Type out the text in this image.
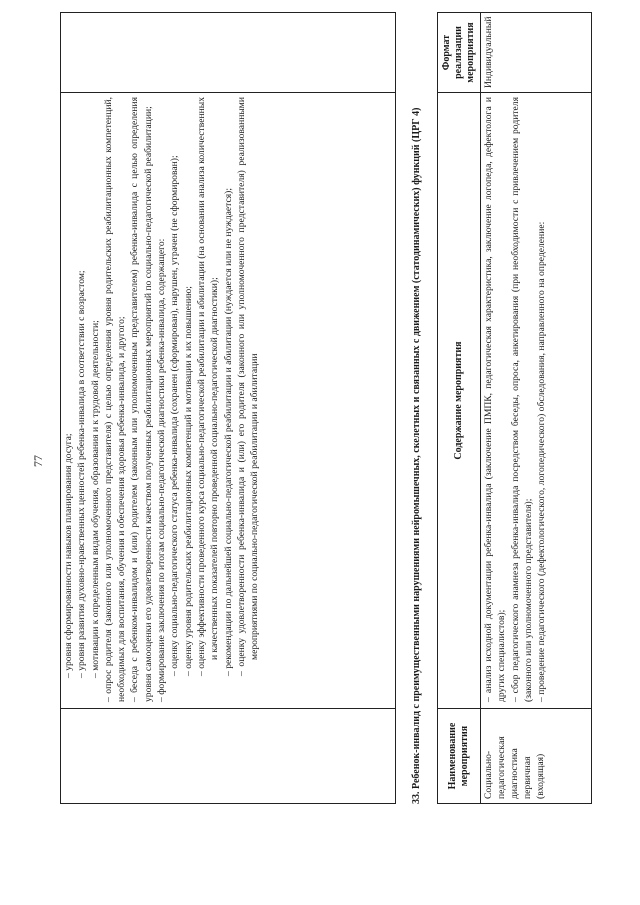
77
	– уровня сформированности навыков планирования досуга; – уровня развития духовно-нравственных ценностей ребенка-инвалида в соответствии с возрастом; – мотивации к определенным видам обучения, образования и к трудовой деятельности; – опрос родителя (законного или уполномоченного представителя) с целью определения уровня родительских реабилитационных компетенций, необходимых для воспитания, обучения и обеспечения здоровья ребенка-инвалида, и другого; – беседа с ребенком-инвалидом и (или) родителем (законным или уполномоченным представителем) ребенка-инвалида с целью определения уровня самооценки его удовлетворенности качеством полученных реабилитационных мероприятий по социально-педагогической реабилитации; – формирование заключения по итогам социально-педагогической диагностики ребенка-инвалида, содержащего: – оценку социально-педагогического статуса ребенка-инвалида (сохранен (сформирован), нарушен, утрачен (не сформирован); – оценку уровня родительских реабилитационных компетенций и мотивации к их повышению; – оценку эффективности проведенного курса социально-педагогической реабилитации и абилитации (на основании анализа количественных и качественных показателей повторно проведенной социально-педагогической диагностики); – рекомендации по дальнейшей социально-педагогической реабилитации и абилитации (нуждается или не нуждается); – оценку удовлетворенности ребенка-инвалида и (или) его родителя (законного или уполномоченного представителя) реализованными мероприятиями по социально-педагогической реабилитации и абилитации
		33. Ребенок-инвалид с преимущественными нарушениями нейромышечных, скелетных и связанных с движением (статодинамических) функций (ЦРГ 4)	Наименование мероприятия	Содержание мероприятия	Формат реализации мероприятия
Социально-педагогическая диагностика первичная (входящая)	– анализ исходной документации ребенка-инвалида (заключение ПМПК, педагогическая характеристика, заключение логопеда, дефектолога и других специалистов); – сбор педагогического анамнеза ребенка-инвалида посредством беседы, опроса, анкетирования (при необходимости с привлечением родителя (законного или уполномоченного представителя); – проведение педагогического (дефектологического, логопедического) обследования, направленного на определение:	Индивидуальный
